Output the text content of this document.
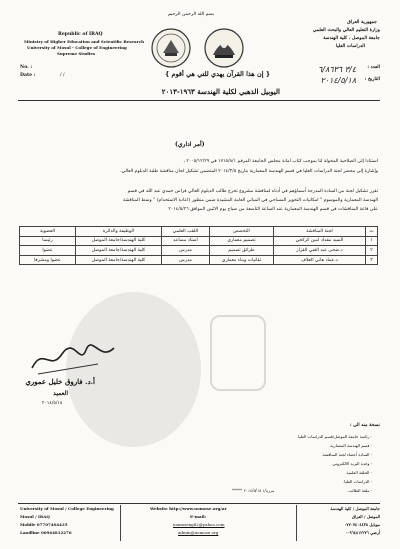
بسم الله الرحمن الرحيم
Republic of IRAQ
Ministry of Higher Education and Scientific Research
University of Mosul - College of Engineering
Supreme Studies
No. :
Date :	/ /
جمهورية العراق
وزارة التعليم العالي والبحث العلمي
جامعة الموصل ، كلية الهندسة
الدراسات العليا
العدد :
٣/٤ ٦/٨٦٣٦
التاريخ :
٢٠١٤/٥/١٨
{ إن هذا القرآن يهدي للتي هي أقوم }
اليوبيل الذهبي لكلية الهندسة ١٩٦٣-٢٠١٣
(أمر اداري)
استنادا إلى الصلاحية المخولة لنا بموجب كتاب امانة مجلس الجامعة المرقم ١٧١٥/٨/١ في ٢٠٠٥/١٢/٢٩ ،
وإشارة إلى محضر لجنة الدراسات العليا في قسم الهندسة المعمارية بتاريخ ٢٠١٤/٣/٥ المتضمن تشكيل لجان مناقشة طلبة الدبلوم العالي.
تقرر تشكيل لجنة من السادة المدرجة أسماؤهم في أدناه لمناقشة مشروع تخرج طالب الدبلوم العالي فراس حمدي عبد الله في قسم
الهندسة المعمارية والموسوم " امكانيات التحوير المساحي في المباني العامة المشيدة ضمن منظور (اعادة الاستخدام) " وسط المناقشة
على قاعة المناقشات في قسم الهندسة المعمارية عند الساعة التاسعة من صباح يوم الاثنين الموافق ٢٠١٤/٥/٢٦
ت	لجنة المناقشة	التخصص	اللقب العلمي	الوظيفة والدائرة	العضوية
١	السيد مقداد امين كركجي	تصميم معماري	أستاذ مساعد	كلية الهندسة/جامعة الموصل	رئيسا
٢	د.ضحى عبد الغني القزاز	طرائق تصميم	مدرس	كلية الهندسة/جامعة الموصل	عضوا
٣	د.عماد هاني العلاف	تقانيات وبناء معماري	مدرس	كلية الهندسة/جامعة الموصل	عضوا ومشرفا
أ.د. فاروق خليل عموري
العميد
٢٠١٤/٥/١٨
نسخة منه الى :
- رئاسة جامعة الموصل/قسم الدراسات العليا.
- قسم الهندسة المعمارية.
- السادة أعضاء لجنة المناقشة.
- وحدة البريد الالكتروني.
- الحلقة العلمية.
- الدراسات العليا.
- ملفة الطالب.
***** مرزه/١ ٢٠١٤/٥/١٨
University of Mosul / College Engineering
Mosul / IRAQ
Mobile 07707404435
Landline 00964812276
Website http://www.uomose.org/ar
E-mail:
uomoseng82@yahoo.com
admin@uomose.org
جامعة الموصل / كلية الهندسة
الموصل / العراق
موبايل ٠٧٧٠٧٤٠٤٤٣٥
أرضي ٠٠٩٦٤٨١٢٢٧٦
